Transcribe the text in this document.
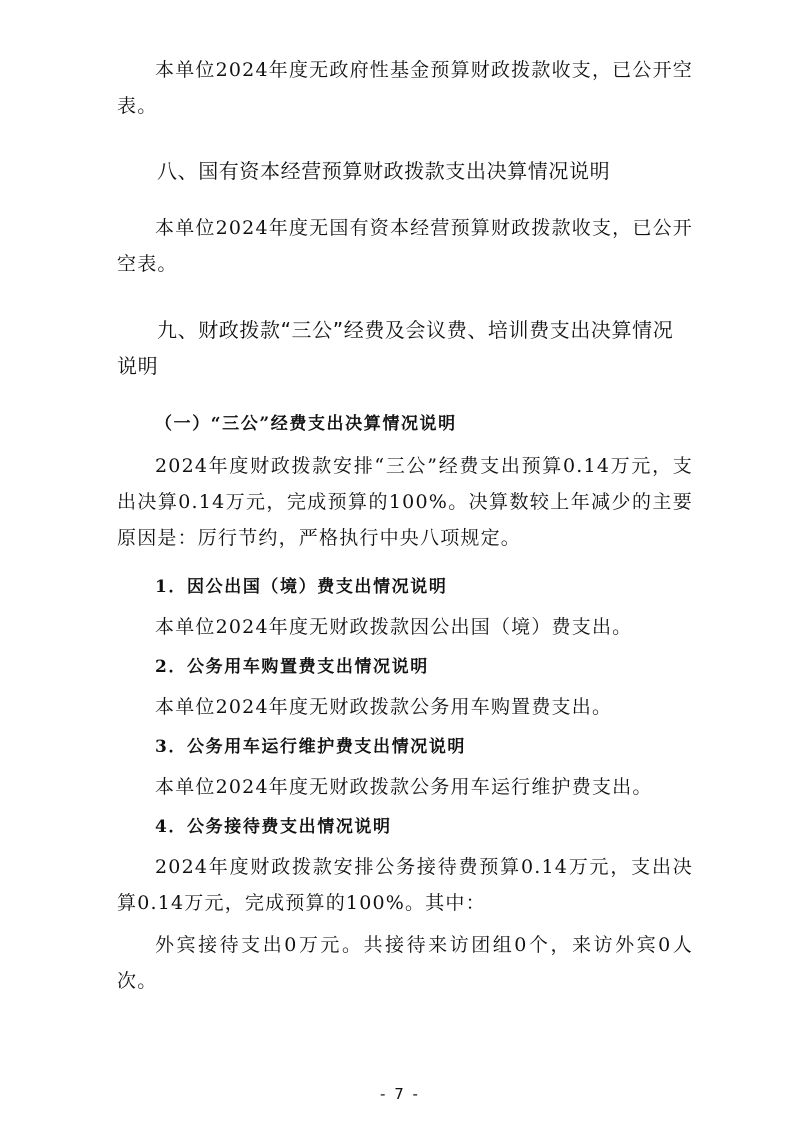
本单位2024年度无政府性基金预算财政拨款收支，已公开空表。

八、国有资本经营预算财政拨款支出决算情况说明

本单位2024年度无国有资本经营预算财政拨款收支，已公开空表。

九、财政拨款“三公”经费及会议费、培训费支出决算情况说明
（一）“三公”经费支出决算情况说明

2024年度财政拨款安排“三公”经费支出预算0.14万元，支出决算0.14万元，完成预算的100%。决算数较上年减少的主要原因是：厉行节约，严格执行中央八项规定。

1．因公出国（境）费支出情况说明

本单位2024年度无财政拨款因公出国（境）费支出。

2．公务用车购置费支出情况说明

本单位2024年度无财政拨款公务用车购置费支出。

3．公务用车运行维护费支出情况说明

本单位2024年度无财政拨款公务用车运行维护费支出。

4．公务接待费支出情况说明

2024年度财政拨款安排公务接待费预算0.14万元，支出决算0.14万元，完成预算的100%。其中：

外宾接待支出0万元。共接待来访团组0个，来访外宾0人次。

- 7 -
